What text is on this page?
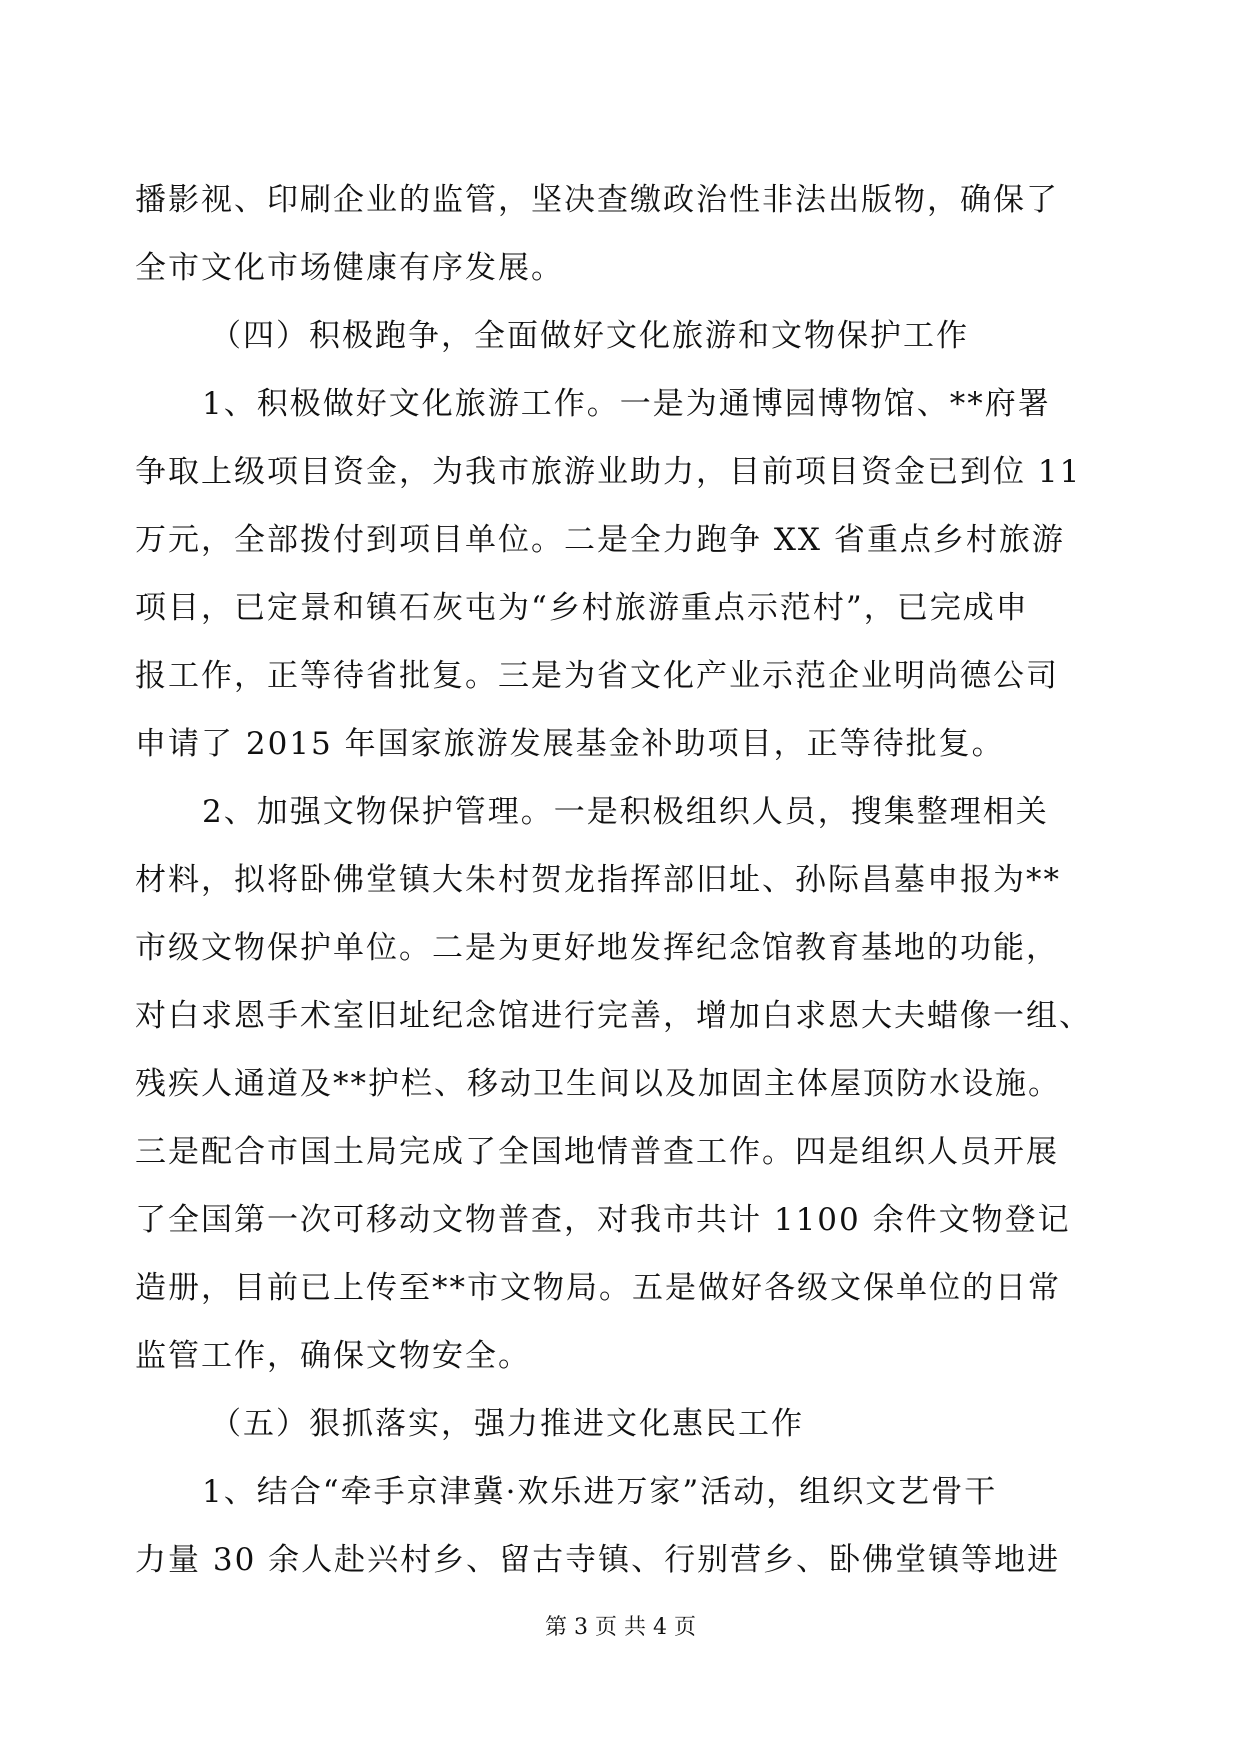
播影视、印刷企业的监管，坚决查缴政治性非法出版物，确保了
全市文化市场健康有序发展。
（四）积极跑争，全面做好文化旅游和文物保护工作
1、积极做好文化旅游工作。一是为通博园博物馆、**府署
争取上级项目资金，为我市旅游业助力，目前项目资金已到位 11
万元，全部拨付到项目单位。二是全力跑争 XX 省重点乡村旅游
项目，已定景和镇石灰屯为“乡村旅游重点示范村”，已完成申
报工作，正等待省批复。三是为省文化产业示范企业明尚德公司
申请了 2015 年国家旅游发展基金补助项目，正等待批复。
2、加强文物保护管理。一是积极组织人员，搜集整理相关
材料，拟将卧佛堂镇大朱村贺龙指挥部旧址、孙际昌墓申报为**
市级文物保护单位。二是为更好地发挥纪念馆教育基地的功能，
对白求恩手术室旧址纪念馆进行完善，增加白求恩大夫蜡像一组、
残疾人通道及**护栏、移动卫生间以及加固主体屋顶防水设施。
三是配合市国土局完成了全国地情普查工作。四是组织人员开展
了全国第一次可移动文物普查，对我市共计 1100 余件文物登记
造册，目前已上传至**市文物局。五是做好各级文保单位的日常
监管工作，确保文物安全。
（五）狠抓落实，强力推进文化惠民工作
1、结合“牵手京津冀·欢乐进万家”活动，组织文艺骨干
力量 30 余人赴兴村乡、留古寺镇、行别营乡、卧佛堂镇等地进
第 3 页 共 4 页
